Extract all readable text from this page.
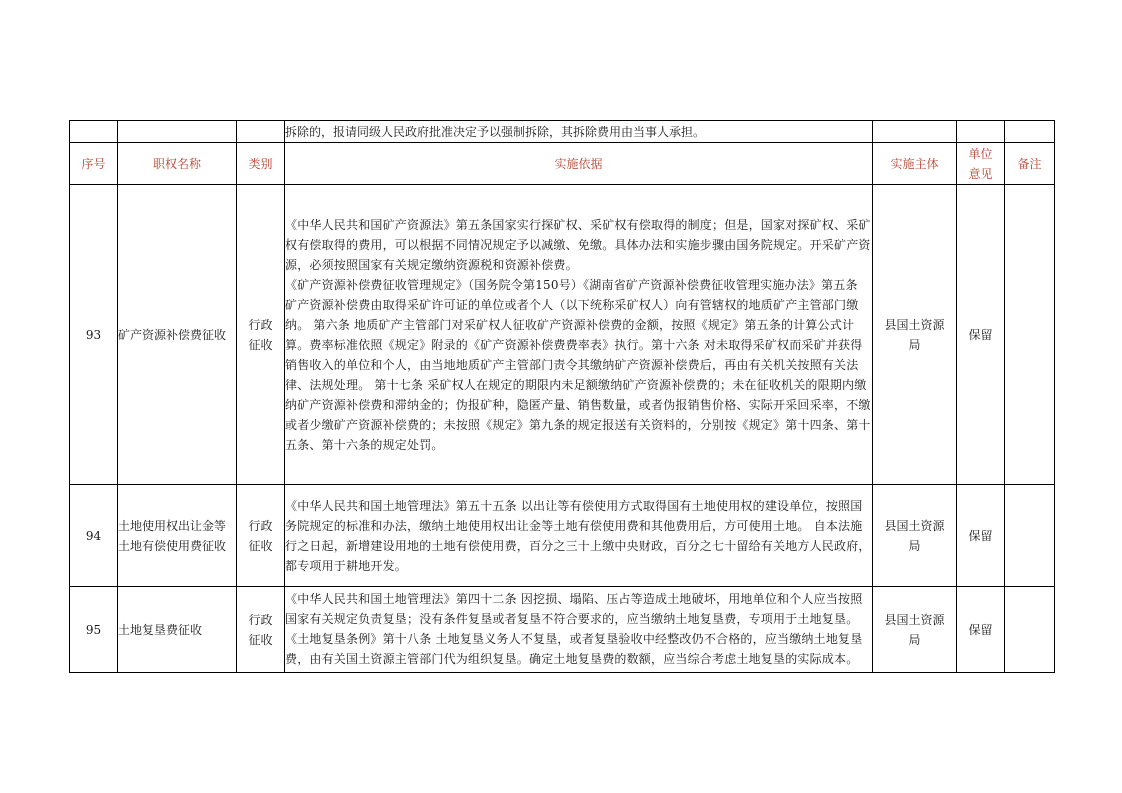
			拆除的，报请同级人民政府批准决定予以强制拆除，其拆除费用由当事人承担。			
序号	职权名称	类别	实施依据	实施主体	单位意见	备注
93	矿产资源补偿费征收	行政征收	《中华人民共和国矿产资源法》第五条国家实行探矿权、采矿权有偿取得的制度；但是，国家对探矿权、采矿权有偿取得的费用，可以根据不同情况规定予以减缴、免缴。具体办法和实施步骤由国务院规定。开采矿产资源，必须按照国家有关规定缴纳资源税和资源补偿费。
《矿产资源补偿费征收管理规定》（国务院令第150号）《湖南省矿产资源补偿费征收管理实施办法》第五条 矿产资源补偿费由取得采矿许可证的单位或者个人（以下统称采矿权人）向有管辖权的地质矿产主管部门缴纳。 第六条 地质矿产主管部门对采矿权人征收矿产资源补偿费的金额，按照《规定》第五条的计算公式计算。费率标准依照《规定》附录的《矿产资源补偿费费率表》执行。第十六条 对未取得采矿权而采矿并获得销售收入的单位和个人，由当地地质矿产主管部门责令其缴纳矿产资源补偿费后，再由有关机关按照有关法律、法规处理。 第十七条 采矿权人在规定的期限内未足额缴纳矿产资源补偿费的；未在征收机关的限期内缴纳矿产资源补偿费和滞纳金的；伪报矿种，隐匿产量、销售数量，或者伪报销售价格、实际开采回采率，不缴或者少缴矿产资源补偿费的；未按照《规定》第九条的规定报送有关资料的，分别按《规定》第十四条、第十五条、第十六条的规定处罚。	县国土资源局	保留	
94	土地使用权出让金等土地有偿使用费征收	行政征收	《中华人民共和国土地管理法》第五十五条 以出让等有偿使用方式取得国有土地使用权的建设单位，按照国务院规定的标准和办法，缴纳土地使用权出让金等土地有偿使用费和其他费用后，方可使用土地。 自本法施行之日起，新增建设用地的土地有偿使用费，百分之三十上缴中央财政，百分之七十留给有关地方人民政府，都专项用于耕地开发。	县国土资源局	保留	
95	土地复垦费征收	行政征收	《中华人民共和国土地管理法》第四十二条 因挖损、塌陷、压占等造成土地破坏，用地单位和个人应当按照国家有关规定负责复垦；没有条件复垦或者复垦不符合要求的，应当缴纳土地复垦费，专项用于土地复垦。《土地复垦条例》第十八条 土地复垦义务人不复垦，或者复垦验收中经整改仍不合格的，应当缴纳土地复垦费，由有关国土资源主管部门代为组织复垦。确定土地复垦费的数额，应当综合考虑土地复垦的实际成本。	县国土资源局	保留	
